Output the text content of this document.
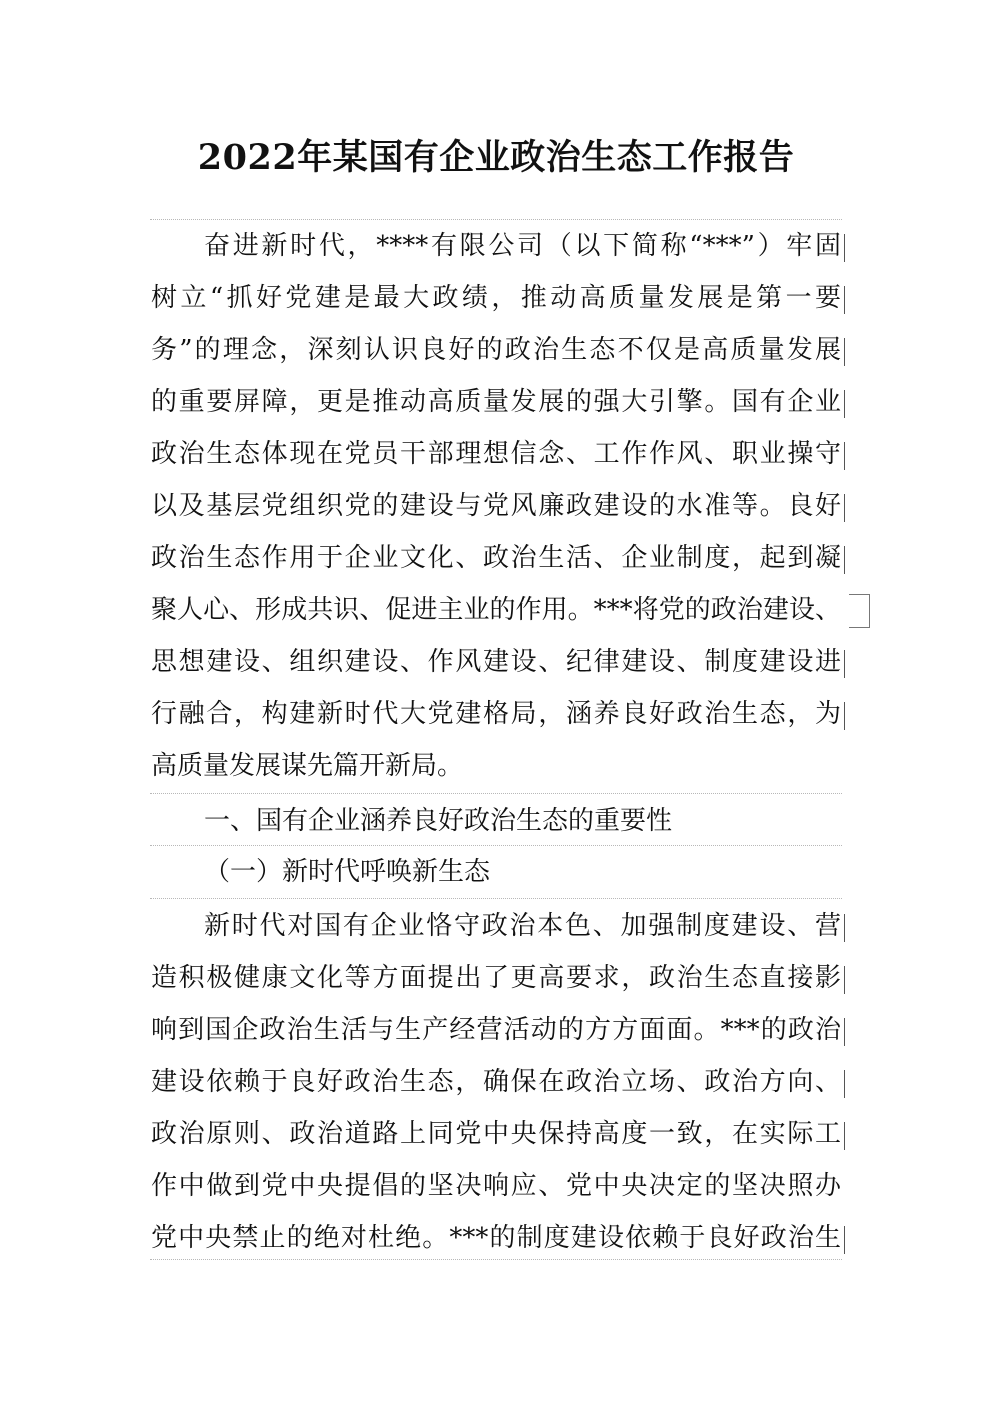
2022年某国有企业政治生态工作报告
奋进新时代，****有限公司（以下简称“***”）牢固
树立“抓好党建是最大政绩，推动高质量发展是第一要
务”的理念，深刻认识良好的政治生态不仅是高质量发展
的重要屏障，更是推动高质量发展的强大引擎。国有企业
政治生态体现在党员干部理想信念、工作作风、职业操守
以及基层党组织党的建设与党风廉政建设的水准等。良好
政治生态作用于企业文化、政治生活、企业制度，起到凝
聚人心、形成共识、促进主业的作用。***将党的政治建设、
思想建设、组织建设、作风建设、纪律建设、制度建设进
行融合，构建新时代大党建格局，涵养良好政治生态，为
高质量发展谋先篇开新局。
一、国有企业涵养良好政治生态的重要性
（一）新时代呼唤新生态
新时代对国有企业恪守政治本色、加强制度建设、营
造积极健康文化等方面提出了更高要求，政治生态直接影
响到国企政治生活与生产经营活动的方方面面。***的政治
建设依赖于良好政治生态，确保在政治立场、政治方向、
政治原则、政治道路上同党中央保持高度一致，在实际工
作中做到党中央提倡的坚决响应、党中央决定的坚决照办
党中央禁止的绝对杜绝。***的制度建设依赖于良好政治生
